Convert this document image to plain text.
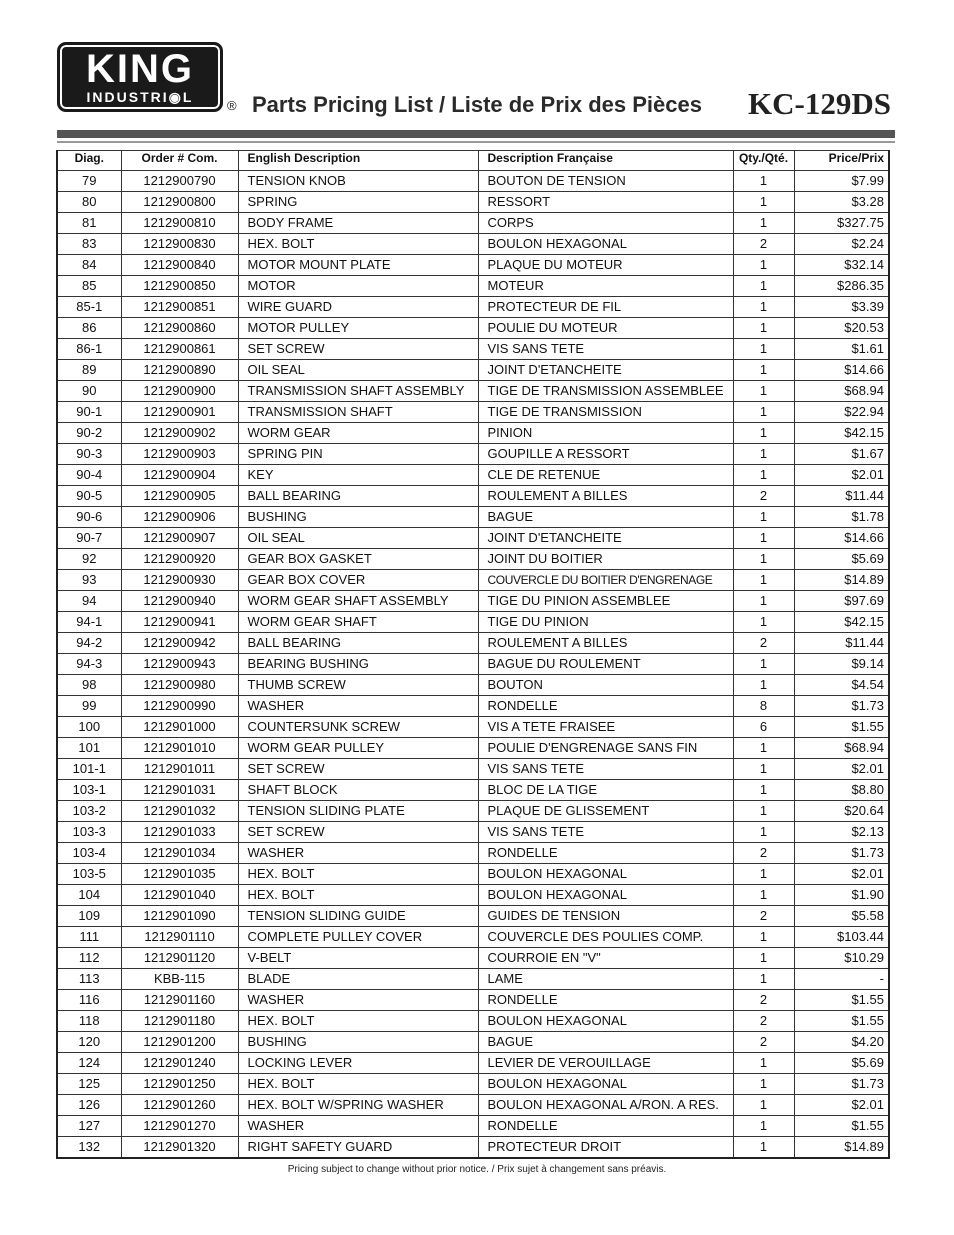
KING
INDUSTRI◉L
® Parts Pricing List / Liste de Prix des Pièces KC-129DS
Diag.	Order # Com.	English Description	Description Française	Qty./Qté.	Price/Prix
79	1212900790	TENSION KNOB	BOUTON DE TENSION	1	$7.99
80	1212900800	SPRING	RESSORT	1	$3.28
81	1212900810	BODY FRAME	CORPS	1	$327.75
83	1212900830	HEX. BOLT	BOULON HEXAGONAL	2	$2.24
84	1212900840	MOTOR MOUNT PLATE	PLAQUE DU MOTEUR	1	$32.14
85	1212900850	MOTOR	MOTEUR	1	$286.35
85-1	1212900851	WIRE GUARD	PROTECTEUR DE FIL	1	$3.39
86	1212900860	MOTOR PULLEY	POULIE DU MOTEUR	1	$20.53
86-1	1212900861	SET SCREW	VIS SANS TETE	1	$1.61
89	1212900890	OIL SEAL	JOINT D'ETANCHEITE	1	$14.66
90	1212900900	TRANSMISSION SHAFT ASSEMBLY	TIGE DE TRANSMISSION ASSEMBLEE	1	$68.94
90-1	1212900901	TRANSMISSION SHAFT	TIGE DE TRANSMISSION	1	$22.94
90-2	1212900902	WORM GEAR	PINION	1	$42.15
90-3	1212900903	SPRING PIN	GOUPILLE A RESSORT	1	$1.67
90-4	1212900904	KEY	CLE DE RETENUE	1	$2.01
90-5	1212900905	BALL BEARING	ROULEMENT A BILLES	2	$11.44
90-6	1212900906	BUSHING	BAGUE	1	$1.78
90-7	1212900907	OIL SEAL	JOINT D'ETANCHEITE	1	$14.66
92	1212900920	GEAR BOX GASKET	JOINT DU BOITIER	1	$5.69
93	1212900930	GEAR BOX COVER	COUVERCLE DU BOITIER D'ENGRENAGE	1	$14.89
94	1212900940	WORM GEAR SHAFT ASSEMBLY	TIGE DU PINION ASSEMBLEE	1	$97.69
94-1	1212900941	WORM GEAR SHAFT	TIGE DU PINION	1	$42.15
94-2	1212900942	BALL BEARING	ROULEMENT A BILLES	2	$11.44
94-3	1212900943	BEARING BUSHING	BAGUE DU ROULEMENT	1	$9.14
98	1212900980	THUMB SCREW	BOUTON	1	$4.54
99	1212900990	WASHER	RONDELLE	8	$1.73
100	1212901000	COUNTERSUNK SCREW	VIS A TETE FRAISEE	6	$1.55
101	1212901010	WORM GEAR PULLEY	POULIE D'ENGRENAGE SANS FIN	1	$68.94
101-1	1212901011	SET SCREW	VIS SANS TETE	1	$2.01
103-1	1212901031	SHAFT BLOCK	BLOC DE LA TIGE	1	$8.80
103-2	1212901032	TENSION SLIDING PLATE	PLAQUE DE GLISSEMENT	1	$20.64
103-3	1212901033	SET SCREW	VIS SANS TETE	1	$2.13
103-4	1212901034	WASHER	RONDELLE	2	$1.73
103-5	1212901035	HEX. BOLT	BOULON HEXAGONAL	1	$2.01
104	1212901040	HEX. BOLT	BOULON HEXAGONAL	1	$1.90
109	1212901090	TENSION SLIDING GUIDE	GUIDES DE TENSION	2	$5.58
111	1212901110	COMPLETE PULLEY COVER	COUVERCLE DES POULIES COMP.	1	$103.44
112	1212901120	V-BELT	COURROIE EN "V"	1	$10.29
113	KBB-115	BLADE	LAME	1	-
116	1212901160	WASHER	RONDELLE	2	$1.55
118	1212901180	HEX. BOLT	BOULON HEXAGONAL	2	$1.55
120	1212901200	BUSHING	BAGUE	2	$4.20
124	1212901240	LOCKING LEVER	LEVIER DE VEROUILLAGE	1	$5.69
125	1212901250	HEX. BOLT	BOULON HEXAGONAL	1	$1.73
126	1212901260	HEX. BOLT W/SPRING WASHER	BOULON HEXAGONAL A/RON. A RES.	1	$2.01
127	1212901270	WASHER	RONDELLE	1	$1.55
132	1212901320	RIGHT SAFETY GUARD	PROTECTEUR DROIT	1	$14.89
Pricing subject to change without prior notice. / Prix sujet à changement sans préavis.
